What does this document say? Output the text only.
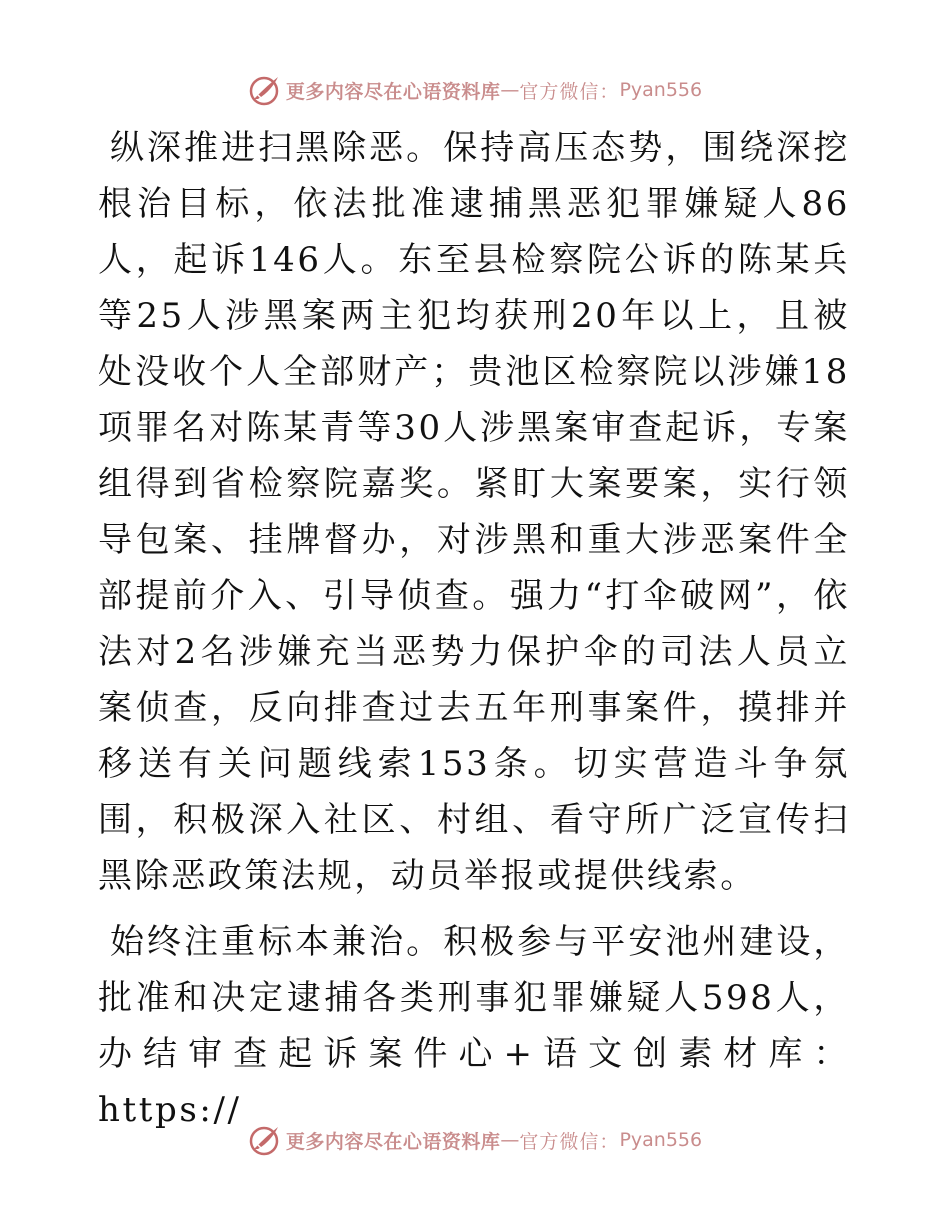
更多内容尽在心语资料库 — 官方微信： Pyan556

纵深推进扫黑除恶。保持高压态势，围绕深挖根治目标，依法批准逮捕黑恶犯罪嫌疑人86人，起诉146人。东至县检察院公诉的陈某兵等25人涉黑案两主犯均获刑20年以上，且被处没收个人全部财产；贵池区检察院以涉嫌18项罪名对陈某青等30人涉黑案审查起诉，专案组得到省检察院嘉奖。紧盯大案要案，实行领导包案、挂牌督办，对涉黑和重大涉恶案件全部提前介入、引导侦查。强力“打伞破网”，依法对2名涉嫌充当恶势力保护伞的司法人员立案侦查，反向排查过去五年刑事案件，摸排并移送有关问题线索153条。切实营造斗争氛围，积极深入社区、村组、看守所广泛宣传扫黑除恶政策法规，动员举报或提供线索。

始终注重标本兼治。积极参与平安池州建设，批准和决定逮捕各类刑事犯罪嫌疑人598人，办结审查起诉案件心+语文创素材库：https://

更多内容尽在心语资料库 — 官方微信： Pyan556
